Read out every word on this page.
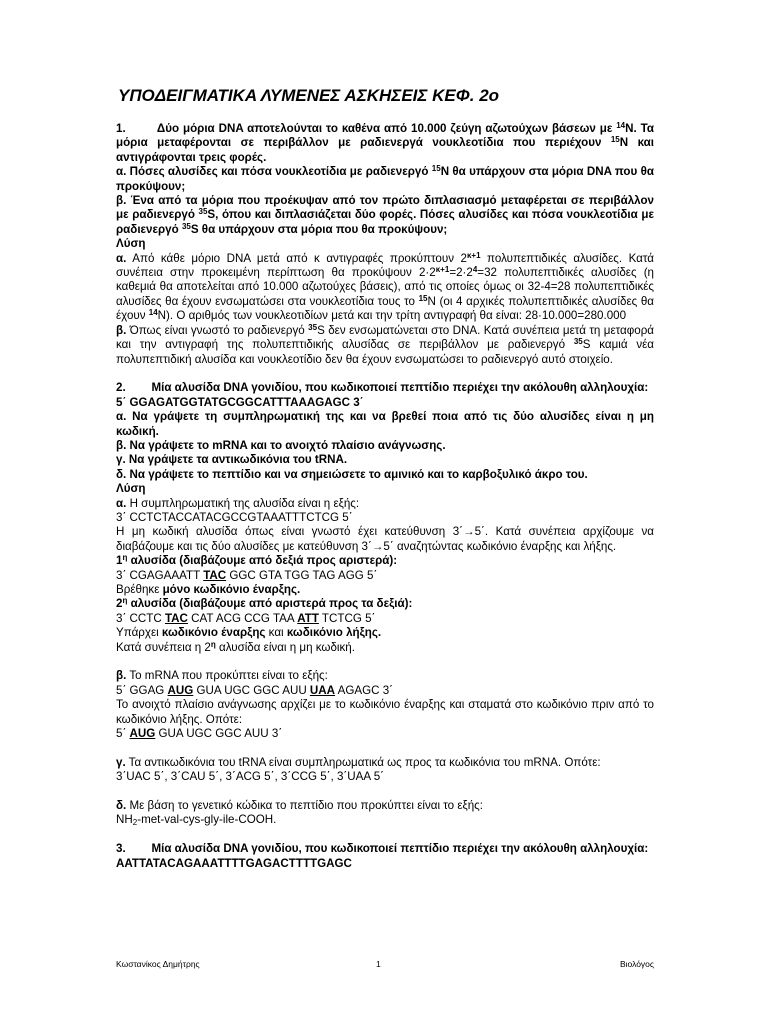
ΥΠΟΔΕΙΓΜΑΤΙΚΑ ΛΥΜΕΝΕΣ ΑΣΚΗΣΕΙΣ ΚΕΦ. 2ο

1.	Δύο μόρια DNA αποτελούνται το καθένα από 10.000 ζεύγη αζωτούχων βάσεων με $^{14}$Ν. Τα μόρια μεταφέρονται σε περιβάλλον με ραδιενεργά νουκλεοτίδια που περιέχουν $^{15}$Ν και αντιγράφονται τρεις φορές.

α. Πόσες αλυσίδες και πόσα νουκλεοτίδια με ραδιενεργό $^{15}$Ν θα υπάρχουν στα μόρια DNA που θα προκύψουν;

β. Ένα από τα μόρια που προέκυψαν από τον πρώτο διπλασιασμό μεταφέρεται σε περιβάλλον με ραδιενεργό $^{35}$S, όπου και διπλασιάζεται δύο φορές. Πόσες αλυσίδες και πόσα νουκλεοτίδια με ραδιενεργό $^{35}$S θα υπάρχουν στα μόρια που θα προκύψουν;

Λύση

α. Από κάθε μόριο DNA μετά από κ αντιγραφές προκύπτουν $2^{\kappa+1}$ πολυπεπτιδικές αλυσίδες. Κατά συνέπεια στην προκειμένη περίπτωση θα προκύψουν $2\cdot 2^{\kappa+1}=2\cdot 2^4=32$ πολυπεπτιδικές αλυσίδες (η καθεμιά θα αποτελείται από 10.000 αζωτούχες βάσεις), από τις οποίες όμως οι 32-4=28 πολυπεπτιδικές αλυσίδες θα έχουν ενσωματώσει στα νουκλεοτίδια τους το $^{15}$Ν (οι 4 αρχικές πολυπεπτιδικές αλυσίδες θα έχουν $^{14}$Ν). Ο αριθμός των νουκλεοτιδίων μετά και την τρίτη αντιγραφή θα είναι: 28·10.000=280.000

β. Όπως είναι γνωστό το ραδιενεργό $^{35}$S δεν ενσωματώνεται στο DNA. Κατά συνέπεια μετά τη μεταφορά και την αντιγραφή της πολυπεπτιδικής αλυσίδας σε περιβάλλον με ραδιενεργό $^{35}$S καμιά νέα πολυπεπτιδική αλυσίδα και νουκλεοτίδιο δεν θα έχουν ενσωματώσει το ραδιενεργό αυτό στοιχείο.

2. Μία αλυσίδα DNA γονιδίου, που κωδικοποιεί πεπτίδιο περιέχει την ακόλουθη αλληλουχία:

5΄ GGAGATGGTATGCGGCATTTAAAGAGC 3΄

α. Να γράψετε τη συμπληρωματική της και να βρεθεί ποια από τις δύο αλυσίδες είναι η μη κωδική.

β. Να γράψετε το mRNA και το ανοιχτό πλαίσιο ανάγνωσης.

γ. Να γράψετε τα αντικωδικόνια του tRNA.

δ. Να γράψετε το πεπτίδιο και να σημειώσετε το αμινικό και το καρβοξυλικό άκρο του.

Λύση

α. Η συμπληρωματική της αλυσίδα είναι η εξής:

3΄ CCTCTACCATACGCCGTAAATTTCTCG 5΄

Η μη κωδική αλυσίδα όπως είναι γνωστό έχει κατεύθυνση 3΄→5΄. Κατά συνέπεια αρχίζουμε να διαβάζουμε και τις δύο αλυσίδες με κατεύθυνση 3΄→5΄ αναζητώντας κωδικόνιο έναρξης και λήξης.

$1^\eta$ αλυσίδα (διαβάζουμε από δεξιά προς αριστερά):

3΄ CGAGAAATT TAC GGC GTA TGG TAG AGG 5΄

Βρέθηκε μόνο κωδικόνιο έναρξης.

$2^\eta$ αλυσίδα (διαβάζουμε από αριστερά προς τα δεξιά):

3΄ CCTC TAC CAT ACG CCG TAA ATT TCTCG 5΄

Υπάρχει κωδικόνιο έναρξης και κωδικόνιο λήξης.

Κατά συνέπεια η $2^\eta$ αλυσίδα είναι η μη κωδική.

β. Το mRNA που προκύπτει είναι το εξής:

5΄ GGAG AUG GUA UGC GGC AUU UAA AGAGC 3΄

Το ανοιχτό πλαίσιο ανάγνωσης αρχίζει με το κωδικόνιο έναρξης και σταματά στο κωδικόνιο πριν από το κωδικόνιο λήξης. Οπότε:

5΄ AUG GUA UGC GGC AUU 3΄

γ. Τα αντικωδικόνια του tRNA είναι συμπληρωματικά ως προς τα κωδικόνια του mRNA. Οπότε:

3΄UAC 5΄, 3΄CAU 5΄, 3΄ACG 5΄, 3΄CCG 5΄, 3΄UAA 5΄

δ. Με βάση το γενετικό κώδικα το πεπτίδιο που προκύπτει είναι το εξής:

$NH_2-met-val-cys-gly-ile$-COOH.

3. Μία αλυσίδα DNA γονιδίου, που κωδικοποιεί πεπτίδιο περιέχει την ακόλουθη αλληλουχία:

AATTATACAGAAATTTTGAGACTTTTGAGC

Κωστανίκος Δημήτρης	1	Βιολόγος
